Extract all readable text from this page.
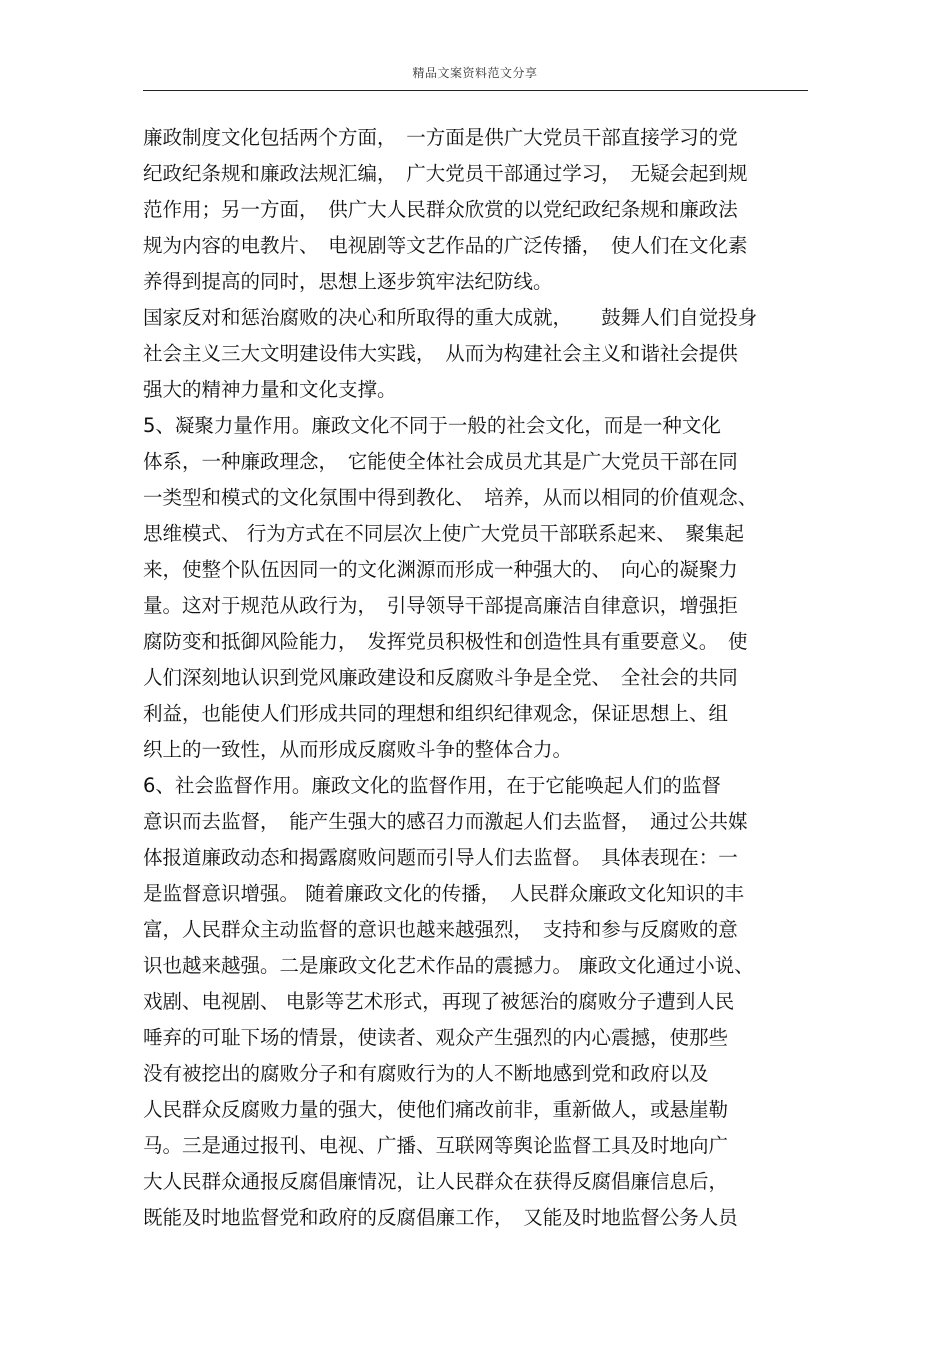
精品文案资料范文分享
廉政制度文化包括两个方面，　一方面是供广大党员干部直接学习的党
纪政纪条规和廉政法规汇编，　广大党员干部通过学习，　无疑会起到规
范作用；另一方面，　供广大人民群众欣赏的以党纪政纪条规和廉政法
规为内容的电教片、　电视剧等文艺作品的广泛传播，　使人们在文化素
养得到提高的同时，思想上逐步筑牢法纪防线。
国家反对和惩治腐败的决心和所取得的重大成就，　　鼓舞人们自觉投身
社会主义三大文明建设伟大实践，　从而为构建社会主义和谐社会提供
强大的精神力量和文化支撑。
5、凝聚力量作用。廉政文化不同于一般的社会文化，而是一种文化
体系，一种廉政理念，　它能使全体社会成员尤其是广大党员干部在同
一类型和模式的文化氛围中得到教化、　培养，从而以相同的价值观念、
思维模式、 行为方式在不同层次上使广大党员干部联系起来、　聚集起
来，使整个队伍因同一的文化渊源而形成一种强大的、　向心的凝聚力
量。这对于规范从政行为，　引导领导干部提高廉洁自律意识，增强拒
腐防变和抵御风险能力，　发挥党员积极性和创造性具有重要意义。　使
人们深刻地认识到党风廉政建设和反腐败斗争是全党、　全社会的共同
利益，也能使人们形成共同的理想和组织纪律观念，保证思想上、组
织上的一致性，从而形成反腐败斗争的整体合力。
6、社会监督作用。廉政文化的监督作用，在于它能唤起人们的监督
意识而去监督，　能产生强大的感召力而激起人们去监督，　通过公共媒
体报道廉政动态和揭露腐败问题而引导人们去监督。　具体表现在：一
是监督意识增强。 随着廉政文化的传播，　人民群众廉政文化知识的丰
富，人民群众主动监督的意识也越来越强烈，　支持和参与反腐败的意
识也越来越强。二是廉政文化艺术作品的震撼力。 廉政文化通过小说、
戏剧、电视剧、 电影等艺术形式，再现了被惩治的腐败分子遭到人民
唾弃的可耻下场的情景，使读者、观众产生强烈的内心震撼，使那些
没有被挖出的腐败分子和有腐败行为的人不断地感到党和政府以及
人民群众反腐败力量的强大，使他们痛改前非，重新做人，或悬崖勒
马。三是通过报刊、电视、广播、互联网等舆论监督工具及时地向广
大人民群众通报反腐倡廉情况，让人民群众在获得反腐倡廉信息后，
既能及时地监督党和政府的反腐倡廉工作，　又能及时地监督公务人员
